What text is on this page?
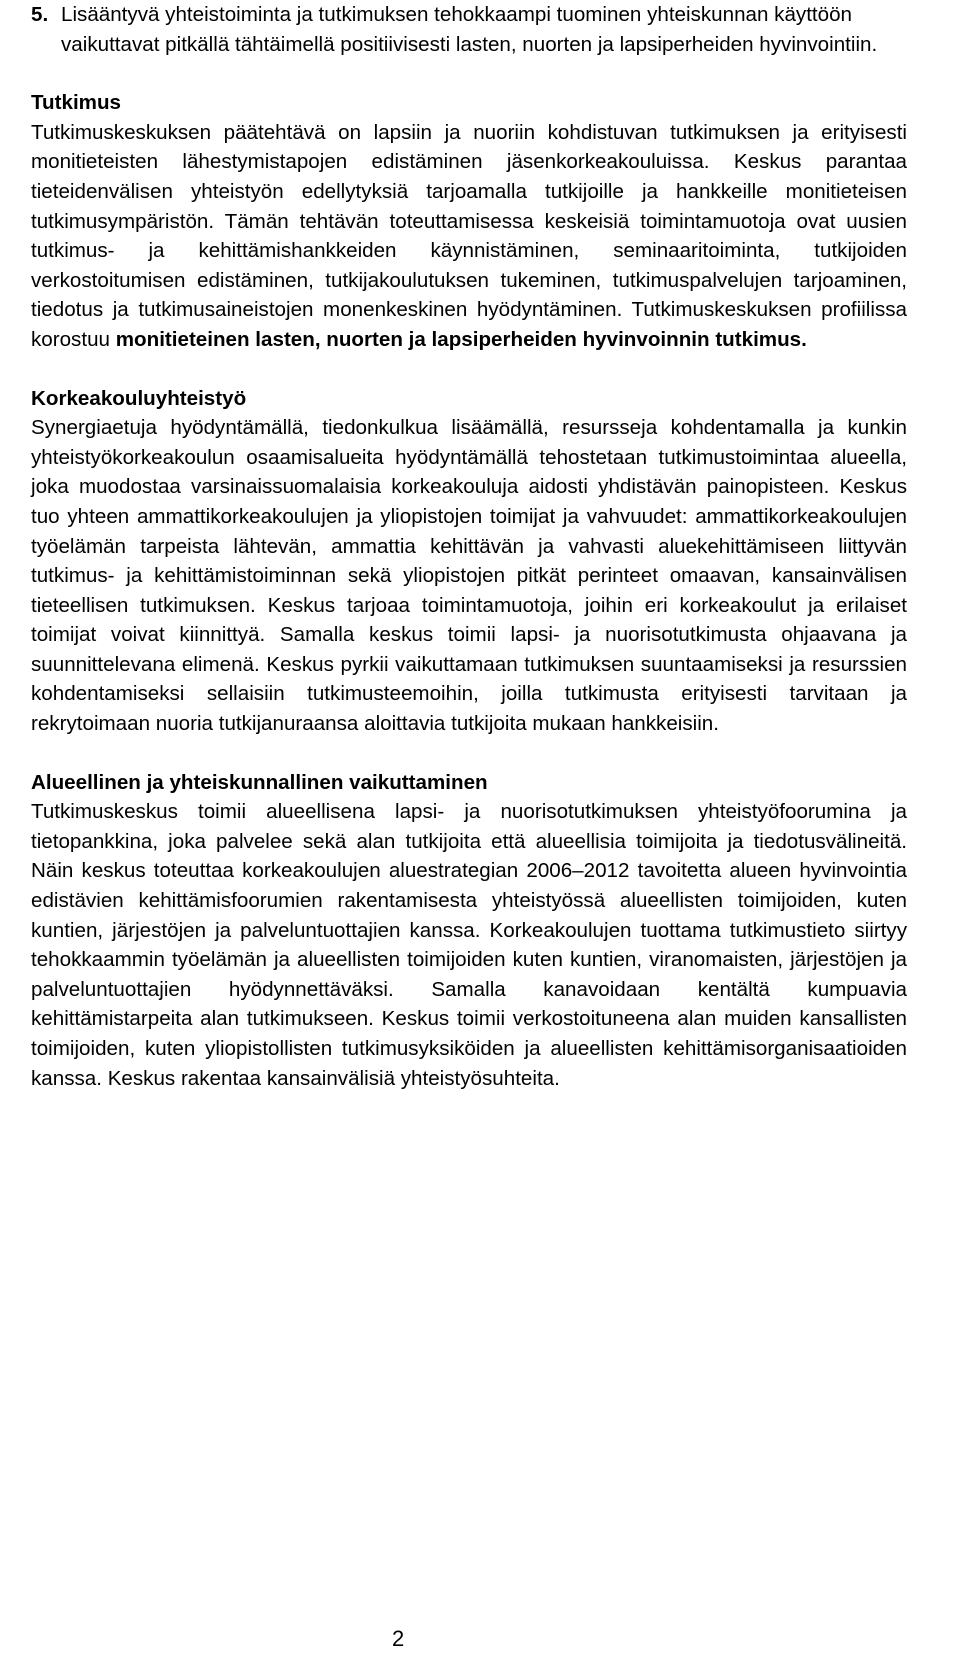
5. Lisääntyvä yhteistoiminta ja tutkimuksen tehokkaampi tuominen yhteiskunnan käyttöön vaikuttavat pitkällä tähtäimellä positiivisesti lasten, nuorten ja lapsiperheiden hyvinvointiin.

Tutkimus

Tutkimuskeskuksen päätehtävä on lapsiin ja nuoriin kohdistuvan tutkimuksen ja erityisesti monitieteisten lähestymistapojen edistäminen jäsenkorkeakouluissa. Keskus parantaa tieteidenvälisen yhteistyön edellytyksiä tarjoamalla tutkijoille ja hankkeille monitieteisen tutkimusympäristön. Tämän tehtävän toteuttamisessa keskeisiä toimintamuotoja ovat uusien tutkimus- ja kehittämishankkeiden käynnistäminen, seminaaritoiminta, tutkijoiden verkostoitumisen edistäminen, tutkijakoulutuksen tukeminen, tutkimuspalvelujen tarjoaminen, tiedotus ja tutkimusaineistojen monenkeskinen hyödyntäminen. Tutkimuskeskuksen profiilissa korostuu monitieteinen lasten, nuorten ja lapsiperheiden hyvinvoinnin tutkimus.

Korkeakouluyhteistyö

Synergiaetuja hyödyntämällä, tiedonkulkua lisäämällä, resursseja kohdentamalla ja kunkin yhteistyökorkeakoulun osaamisalueita hyödyntämällä tehostetaan tutkimustoimintaa alueella, joka muodostaa varsinaissuomalaisia korkeakouluja aidosti yhdistävän painopisteen. Keskus tuo yhteen ammattikorkeakoulujen ja yliopistojen toimijat ja vahvuudet: ammattikorkeakoulujen työelämän tarpeista lähtevän, ammattia kehittävän ja vahvasti aluekehittämiseen liittyvän tutkimus- ja kehittämistoiminnan sekä yliopistojen pitkät perinteet omaavan, kansainvälisen tieteellisen tutkimuksen. Keskus tarjoaa toimintamuotoja, joihin eri korkeakoulut ja erilaiset toimijat voivat kiinnittyä. Samalla keskus toimii lapsi- ja nuorisotutkimusta ohjaavana ja suunnittelevana elimenä. Keskus pyrkii vaikuttamaan tutkimuksen suuntaamiseksi ja resurssien kohdentamiseksi sellaisiin tutkimusteemoihin, joilla tutkimusta erityisesti tarvitaan ja rekrytoimaan nuoria tutkijanuraansa aloittavia tutkijoita mukaan hankkeisiin.

Alueellinen ja yhteiskunnallinen vaikuttaminen

Tutkimuskeskus toimii alueellisena lapsi- ja nuorisotutkimuksen yhteistyöfoorumina ja tietopankkina, joka palvelee sekä alan tutkijoita että alueellisia toimijoita ja tiedotusvälineitä. Näin keskus toteuttaa korkeakoulujen aluestrategian 2006–2012 tavoitetta alueen hyvinvointia edistävien kehittämisfoorumien rakentamisesta yhteistyössä alueellisten toimijoiden, kuten kuntien, järjestöjen ja palveluntuottajien kanssa. Korkeakoulujen tuottama tutkimustieto siirtyy tehokkaammin työelämän ja alueellisten toimijoiden kuten kuntien, viranomaisten, järjestöjen ja palveluntuottajien hyödynnettäväksi. Samalla kanavoidaan kentältä kumpuavia kehittämistarpeita alan tutkimukseen. Keskus toimii verkostoituneena alan muiden kansallisten toimijoiden, kuten yliopistollisten tutkimusyksiköiden ja alueellisten kehittämisorganisaatioiden kanssa. Keskus rakentaa kansainvälisiä yhteistyösuhteita.

2
